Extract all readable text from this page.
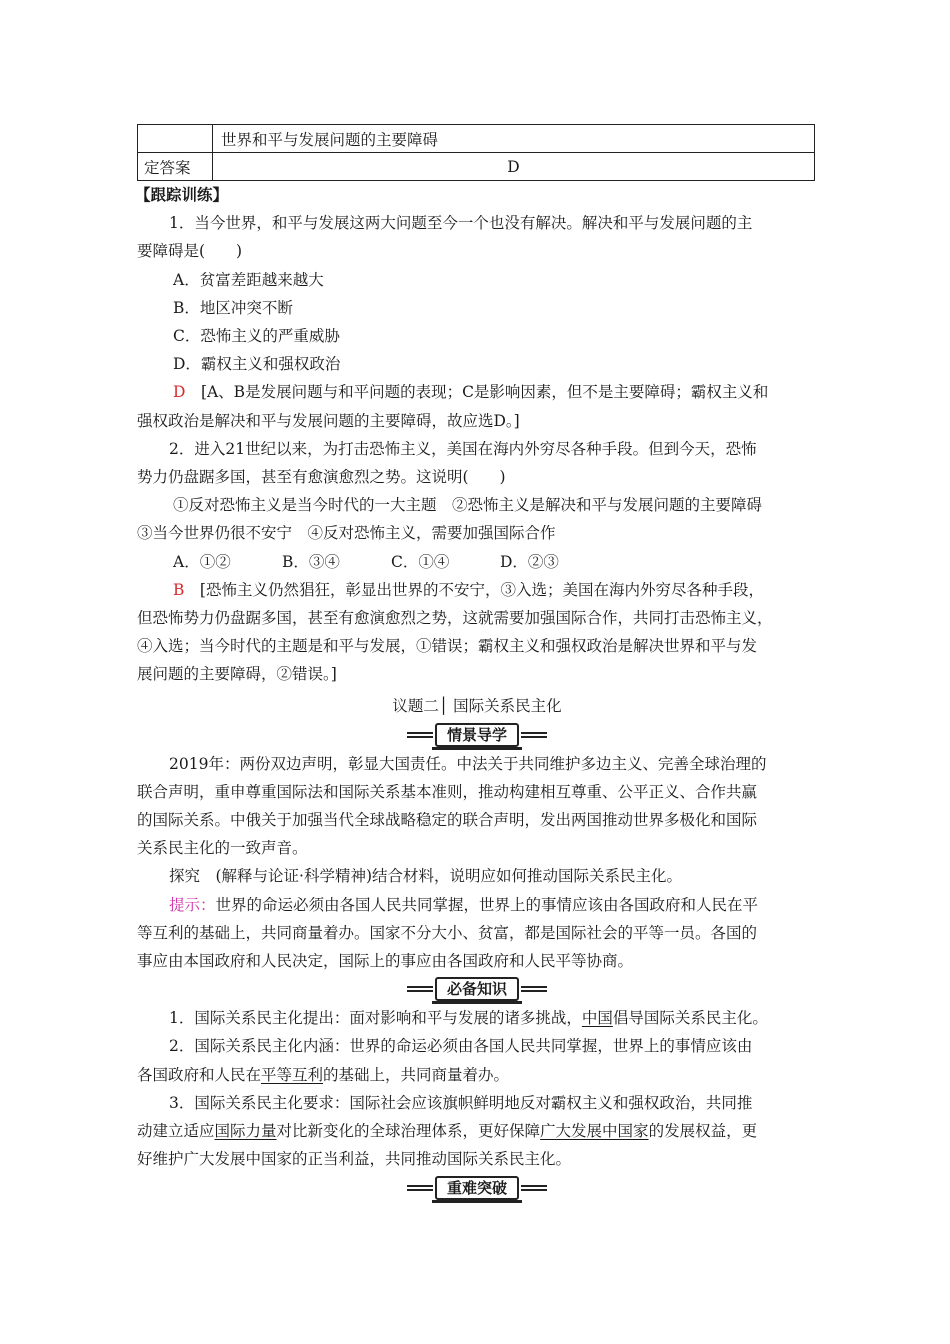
	世界和平与发展问题的主要障碍
定答案	D
【跟踪训练】
1．当今世界，和平与发展这两大问题至今一个也没有解决。解决和平与发展问题的主
要障碍是(　　)
A．贫富差距越来越大
B．地区冲突不断
C．恐怖主义的严重威胁
D．霸权主义和强权政治
D　[A、B是发展问题与和平问题的表现；C是影响因素，但不是主要障碍；霸权主义和
强权政治是解决和平与发展问题的主要障碍，故应选D。]
2．进入21世纪以来，为打击恐怖主义，美国在海内外穷尽各种手段。但到今天，恐怖
势力仍盘踞多国，甚至有愈演愈烈之势。这说明(　　)
①反对恐怖主义是当今时代的一大主题　②恐怖主义是解决和平与发展问题的主要障碍
③当今世界仍很不安宁　④反对恐怖主义，需要加强国际合作
A．①②	B．③④	C．①④	D．②③
B　[恐怖主义仍然猖狂，彰显出世界的不安宁，③入选；美国在海内外穷尽各种手段，
但恐怖势力仍盘踞多国，甚至有愈演愈烈之势，这就需要加强国际合作，共同打击恐怖主义，
④入选；当今时代的主题是和平与发展，①错误；霸权主义和强权政治是解决世界和平与发
展问题的主要障碍，②错误。]
议题二│ 国际关系民主化
情景导学
2019年：两份双边声明，彰显大国责任。中法关于共同维护多边主义、完善全球治理的
联合声明，重申尊重国际法和国际关系基本准则，推动构建相互尊重、公平正义、合作共赢
的国际关系。中俄关于加强当代全球战略稳定的联合声明，发出两国推动世界多极化和国际
关系民主化的一致声音。
探究　(解释与论证·科学精神)结合材料，说明应如何推动国际关系民主化。
提示：世界的命运必须由各国人民共同掌握，世界上的事情应该由各国政府和人民在平
等互利的基础上，共同商量着办。国家不分大小、贫富，都是国际社会的平等一员。各国的
事应由本国政府和人民决定，国际上的事应由各国政府和人民平等协商。
必备知识
1．国际关系民主化提出：面对影响和平与发展的诸多挑战，中国倡导国际关系民主化。
2．国际关系民主化内涵：世界的命运必须由各国人民共同掌握，世界上的事情应该由
各国政府和人民在平等互利的基础上，共同商量着办。
3．国际关系民主化要求：国际社会应该旗帜鲜明地反对霸权主义和强权政治，共同推
动建立适应国际力量对比新变化的全球治理体系，更好保障广大发展中国家的发展权益，更
好维护广大发展中国家的正当利益，共同推动国际关系民主化。
重难突破
